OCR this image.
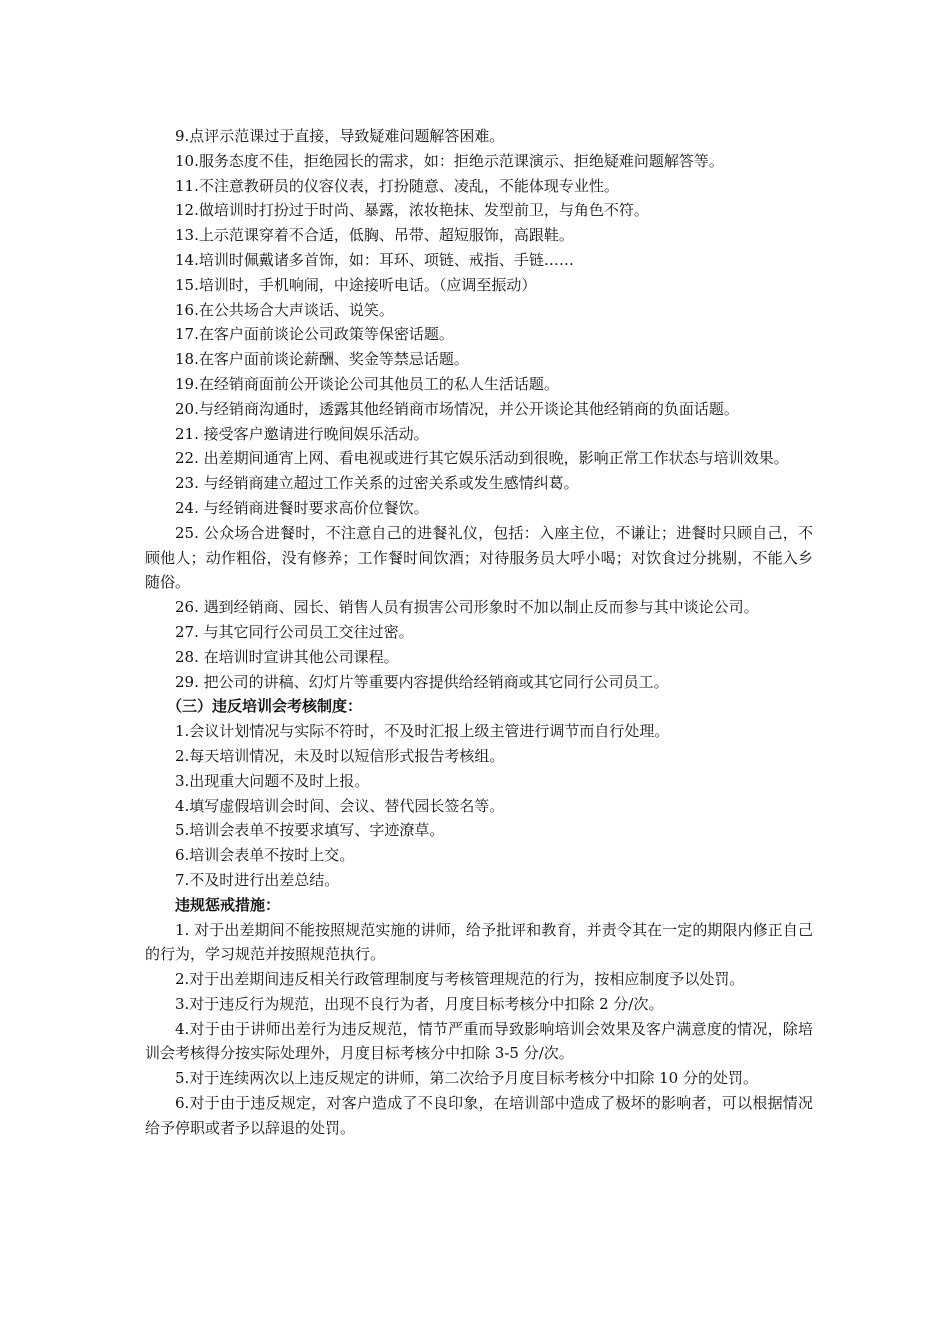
9.点评示范课过于直接，导致疑难问题解答困难。

10.服务态度不佳，拒绝园长的需求，如：拒绝示范课演示、拒绝疑难问题解答等。

11.不注意教研员的仪容仪表，打扮随意、凌乱，不能体现专业性。

12.做培训时打扮过于时尚、暴露，浓妆艳抹、发型前卫，与角色不符。

13.上示范课穿着不合适，低胸、吊带、超短服饰，高跟鞋。

14.培训时佩戴诸多首饰，如：耳环、项链、戒指、手链……

15.培训时，手机响闹，中途接听电话。（应调至振动）

16.在公共场合大声谈话、说笑。

17.在客户面前谈论公司政策等保密话题。

18.在客户面前谈论薪酬、奖金等禁忌话题。

19.在经销商面前公开谈论公司其他员工的私人生活话题。

20.与经销商沟通时，透露其他经销商市场情况，并公开谈论其他经销商的负面话题。

21. 接受客户邀请进行晚间娱乐活动。

22. 出差期间通宵上网、看电视或进行其它娱乐活动到很晚，影响正常工作状态与培训效果。

23. 与经销商建立超过工作关系的过密关系或发生感情纠葛。

24. 与经销商进餐时要求高价位餐饮。

25. 公众场合进餐时，不注意自己的进餐礼仪，包括：入座主位，不谦让；进餐时只顾自己，不顾他人；动作粗俗，没有修养；工作餐时间饮酒；对待服务员大呼小喝；对饮食过分挑剔，不能入乡随俗。

26. 遇到经销商、园长、销售人员有损害公司形象时不加以制止反而参与其中谈论公司。

27. 与其它同行公司员工交往过密。

28. 在培训时宣讲其他公司课程。

29. 把公司的讲稿、幻灯片等重要内容提供给经销商或其它同行公司员工。

（三）违反培训会考核制度：

1.会议计划情况与实际不符时，不及时汇报上级主管进行调节而自行处理。

2.每天培训情况，未及时以短信形式报告考核组。

3.出现重大问题不及时上报。

4.填写虚假培训会时间、会议、替代园长签名等。

5.培训会表单不按要求填写、字迹潦草。

6.培训会表单不按时上交。

7.不及时进行出差总结。

违规惩戒措施：

1. 对于出差期间不能按照规范实施的讲师，给予批评和教育，并责令其在一定的期限内修正自己的行为，学习规范并按照规范执行。

2.对于出差期间违反相关行政管理制度与考核管理规范的行为，按相应制度予以处罚。

3.对于违反行为规范，出现不良行为者，月度目标考核分中扣除 2 分/次。

4.对于由于讲师出差行为违反规范，情节严重而导致影响培训会效果及客户满意度的情况，除培训会考核得分按实际处理外，月度目标考核分中扣除 3-5 分/次。

5.对于连续两次以上违反规定的讲师，第二次给予月度目标考核分中扣除 10 分的处罚。

6.对于由于违反规定，对客户造成了不良印象，在培训部中造成了极坏的影响者，可以根据情况给予停职或者予以辞退的处罚。
